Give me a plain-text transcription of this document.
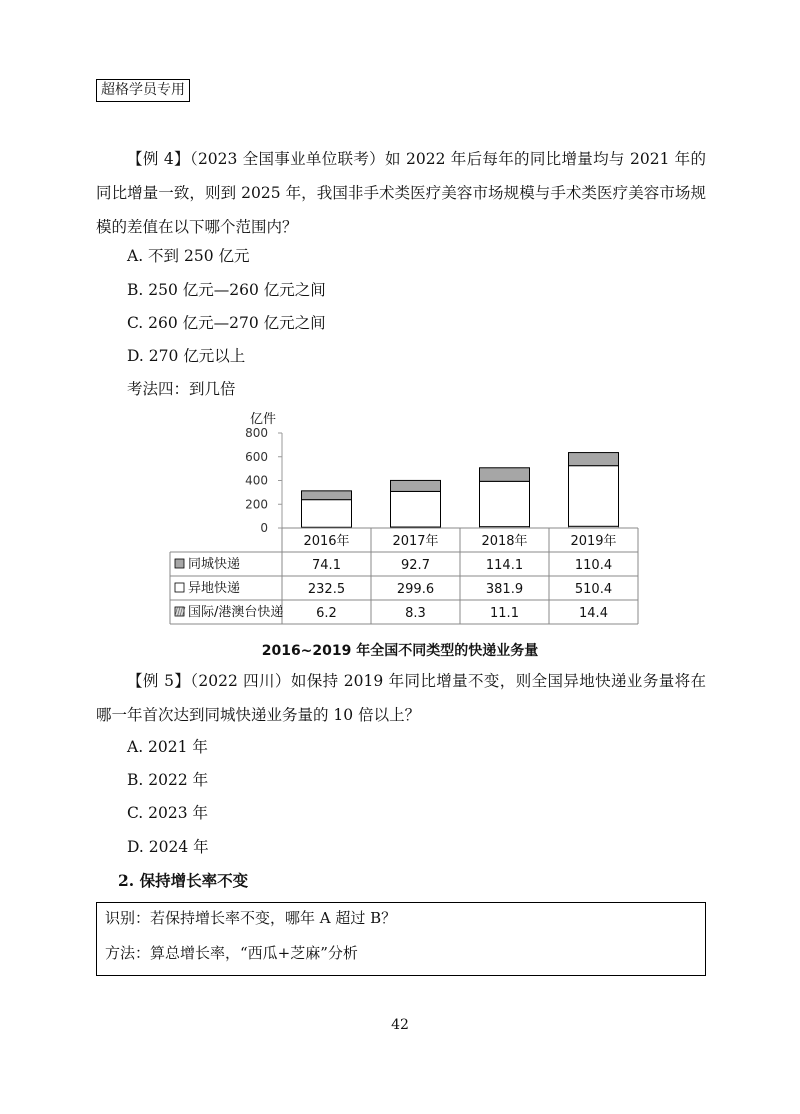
超格学员专用
【例 4】（2023 全国事业单位联考）如 2022 年后每年的同比增量均与 2021 年的同比增量一致，则到 2025 年，我国非手术类医疗美容市场规模与手术类医疗美容市场规模的差值在以下哪个范围内？
A. 不到 250 亿元
B. 250 亿元—260 亿元之间
C. 260 亿元—270 亿元之间
D. 270 亿元以上
考法四：到几倍
亿件
800
600
400
200
0
2016年	2017年	2018年	2019年
同城快递	74.1	92.7	114.1	110.4
异地快递	232.5	299.6	381.9	510.4
国际/港澳台快递	6.2	8.3	11.1	14.4
2016~2019 年全国不同类型的快递业务量
【例 5】（2022 四川）如保持 2019 年同比增量不变，则全国异地快递业务量将在哪一年首次达到同城快递业务量的 10 倍以上？
A. 2021 年
B. 2022 年
C. 2023 年
D. 2024 年
2. 保持增长率不变
识别：若保持增长率不变，哪年 A 超过 B？
方法：算总增长率，“西瓜+芝麻”分析
42
